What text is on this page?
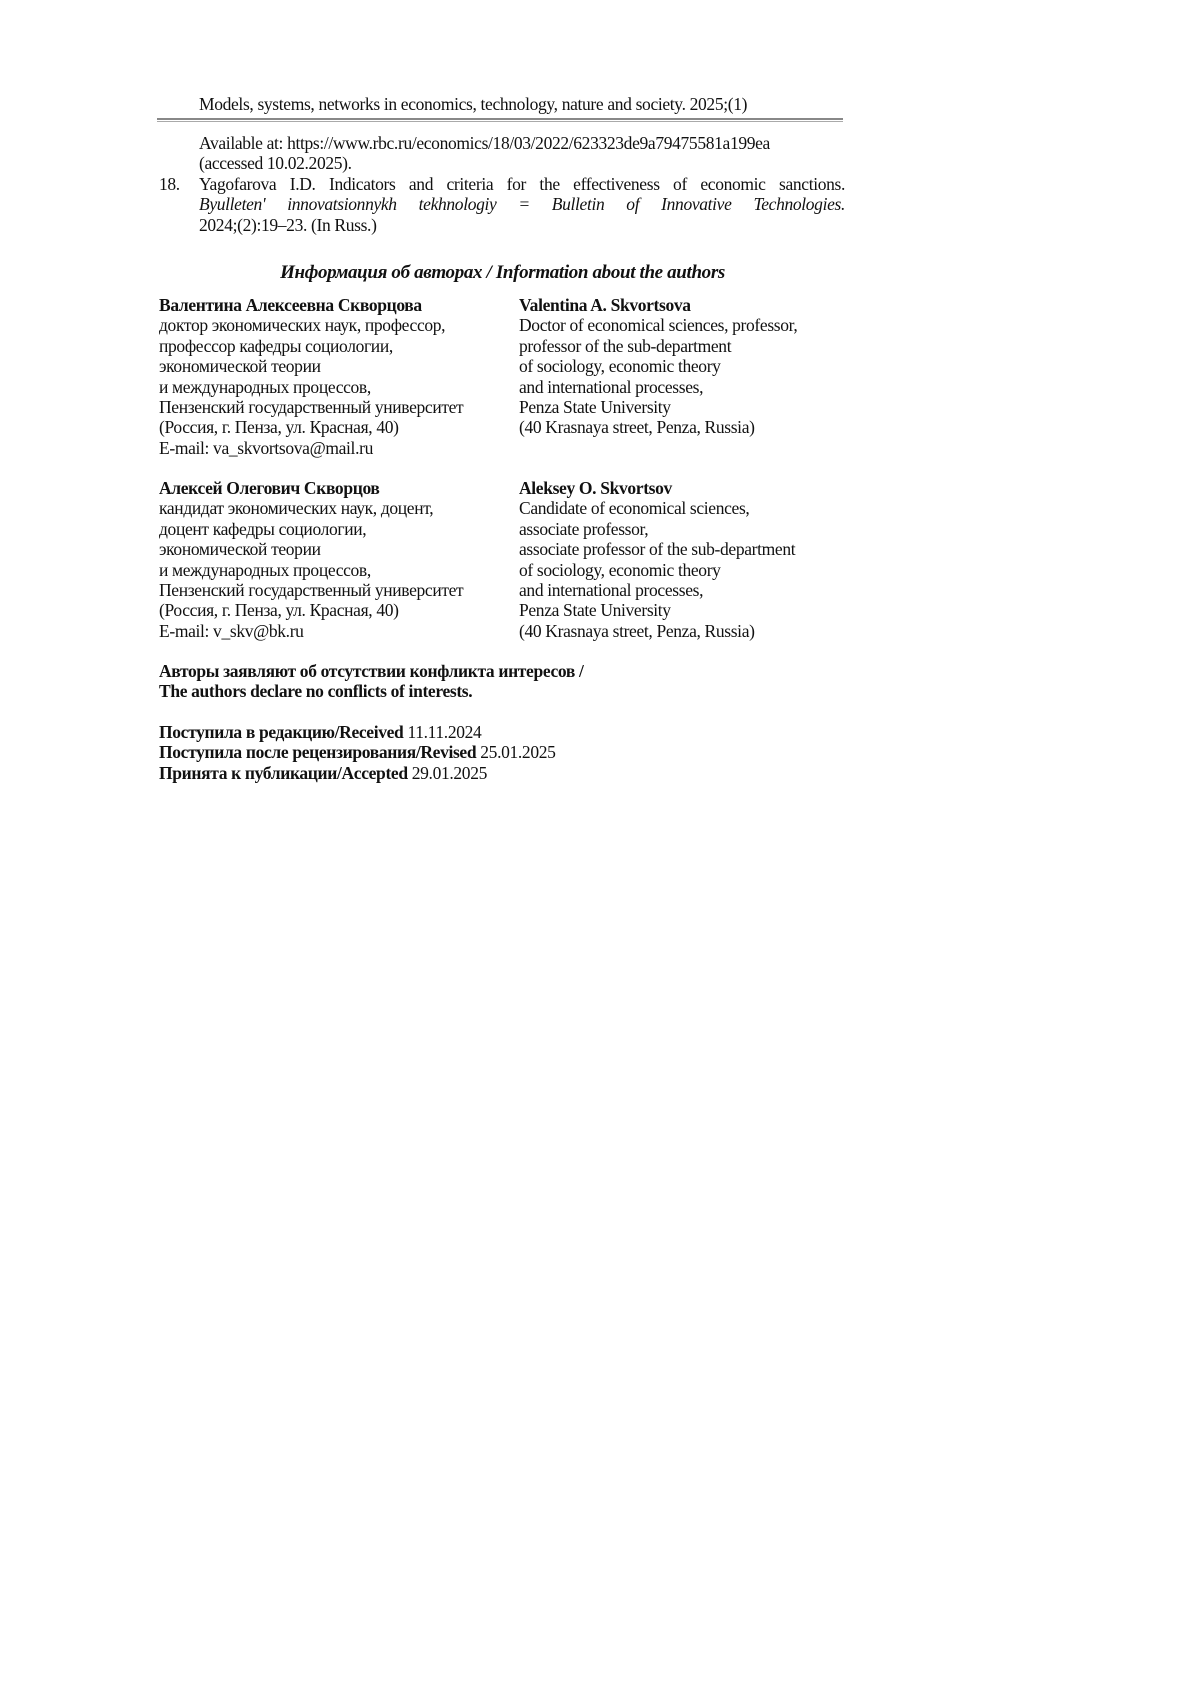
Models, systems, networks in economics, technology, nature and society. 2025;(1)
Available at: https://www.rbc.ru/economics/18/03/2022/623323de9a79475581a199ea
(accessed 10.02.2025).
18.	Yagofarova I.D. Indicators and criteria for the effectiveness of economic sanctions.
Byulleten' innovatsionnykh tekhnologiy = Bulletin of Innovative Technologies.
2024;(2):19–23. (In Russ.)
Информация об авторах / Information about the authors
Валентина Алексеевна Скворцова
доктор экономических наук, профессор,
профессор кафедры социологии,
экономической теории
и международных процессов,
Пензенский государственный университет
(Россия, г. Пенза, ул. Красная, 40)
E-mail: va_skvortsova@mail.ru
Valentina A. Skvortsova
Doctor of economical sciences, professor,
professor of the sub-department
of sociology, economic theory
and international processes,
Penza State University
(40 Krasnaya street, Penza, Russia)
Алексей Олегович Скворцов
кандидат экономических наук, доцент,
доцент кафедры социологии,
экономической теории
и международных процессов,
Пензенский государственный университет
(Россия, г. Пенза, ул. Красная, 40)
E-mail: v_skv@bk.ru
Aleksey O. Skvortsov
Candidate of economical sciences,
associate professor,
associate professor of the sub-department
of sociology, economic theory
and international processes,
Penza State University
(40 Krasnaya street, Penza, Russia)
Авторы заявляют об отсутствии конфликта интересов /
The authors declare no conflicts of interests.
Поступила в редакцию/Received 11.11.2024
Поступила после рецензирования/Revised 25.01.2025
Принята к публикации/Accepted 29.01.2025
